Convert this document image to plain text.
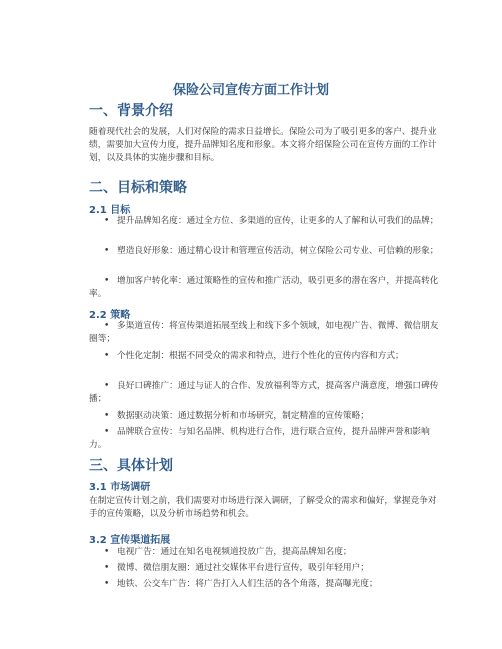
保险公司宣传方面工作计划
一、背景介绍

随着现代社会的发展，人们对保险的需求日益增长。保险公司为了吸引更多的客户、提升业绩，需要加大宣传力度，提升品牌知名度和形象。本文将介绍保险公司在宣传方面的工作计划，以及具体的实施步骤和目标。

二、目标和策略
2.1 目标
• 提升品牌知名度：通过全方位、多渠道的宣传，让更多的人了解和认可我们的品牌；
• 塑造良好形象：通过精心设计和管理宣传活动，树立保险公司专业、可信赖的形象；
• 增加客户转化率：通过策略性的宣传和推广活动，吸引更多的潜在客户，并提高转化率。
2.2 策略
• 多渠道宣传：将宣传渠道拓展至线上和线下多个领域，如电视广告、微博、微信朋友圈等；
• 个性化定制：根据不同受众的需求和特点，进行个性化的宣传内容和方式；
• 良好口碑推广：通过与证人的合作、发放福利等方式，提高客户满意度，增强口碑传播；
• 数据驱动决策：通过数据分析和市场研究，制定精准的宣传策略；
• 品牌联合宣传：与知名品牌、机构进行合作，进行联合宣传，提升品牌声誉和影响力。
三、具体计划
3.1 市场调研

在制定宣传计划之前，我们需要对市场进行深入调研，了解受众的需求和偏好，掌握竞争对手的宣传策略，以及分析市场趋势和机会。

3.2 宣传渠道拓展
• 电视广告：通过在知名电视频道投放广告，提高品牌知名度；
• 微博、微信朋友圈：通过社交媒体平台进行宣传，吸引年轻用户；
• 地铁、公交车广告：将广告打入人们生活的各个角落，提高曝光度；
